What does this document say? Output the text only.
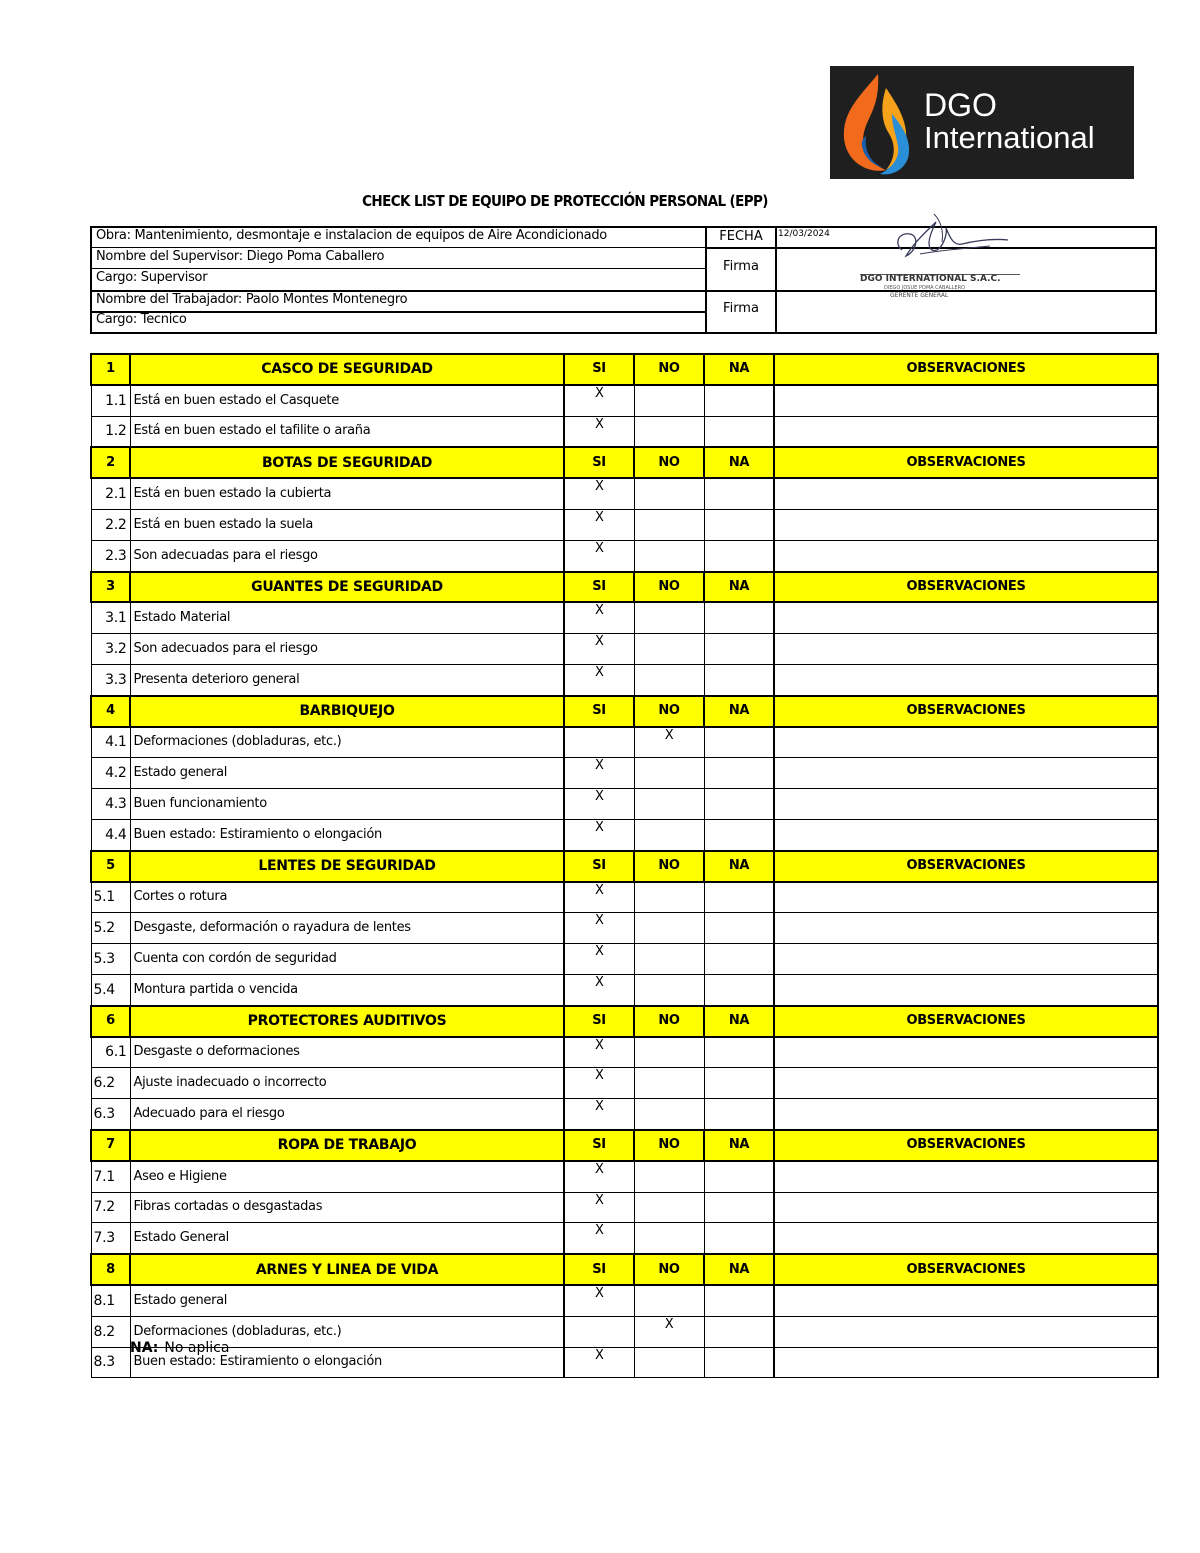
DGO
International
CHECK LIST DE EQUIPO DE PROTECCIÓN PERSONAL (EPP)
Obra: Mantenimiento, desmontaje e instalacion de equipos de Aire Acondicionado
Nombre del Supervisor: Diego Poma Caballero
Cargo: Supervisor
Nombre del Trabajador: Paolo Montes Montenegro
Cargo: Tecnico
FECHA	12/03/2024
Firma
Firma
DGO INTERNATIONAL S.A.C.
DIEGO JOSUE POMA CABALLERO
GERENTE GENERAL
1	CASCO DE SEGURIDAD	SI	NO	NA	OBSERVACIONES
1.1	Está en buen estado el Casquete	X			
1.2	Está en buen estado el tafilite o araña	X			
2	BOTAS DE SEGURIDAD	SI	NO	NA	OBSERVACIONES
2.1	Está en buen estado la cubierta	X			
2.2	Está en buen estado la suela	X			
2.3	Son adecuadas para el riesgo	X			
3	GUANTES DE SEGURIDAD	SI	NO	NA	OBSERVACIONES
3.1	Estado Material	X			
3.2	Son adecuados para el riesgo	X			
3.3	Presenta deterioro general	X			
4	BARBIQUEJO	SI	NO	NA	OBSERVACIONES
4.1	Deformaciones (dobladuras, etc.)		X		
4.2	Estado general	X			
4.3	Buen funcionamiento	X			
4.4	Buen estado: Estiramiento o elongación	X			
5	LENTES DE SEGURIDAD	SI	NO	NA	OBSERVACIONES
5.1	Cortes o rotura	X			
5.2	Desgaste, deformación o rayadura de lentes	X			
5.3	Cuenta con cordón de seguridad	X			
5.4	Montura partida o vencida	X			
6	PROTECTORES AUDITIVOS	SI	NO	NA	OBSERVACIONES
6.1	Desgaste o deformaciones	X			
6.2	Ajuste inadecuado o incorrecto	X			
6.3	Adecuado para el riesgo	X			
7	ROPA DE TRABAJO	SI	NO	NA	OBSERVACIONES
7.1	Aseo e Higiene	X			
7.2	Fibras cortadas o desgastadas	X			
7.3	Estado General	X			
8	ARNES Y LINEA DE VIDA	SI	NO	NA	OBSERVACIONES
8.1	Estado general	X			
8.2	Deformaciones (dobladuras, etc.)		X		
8.3	Buen estado: Estiramiento o elongación	X			
NA: No aplica
